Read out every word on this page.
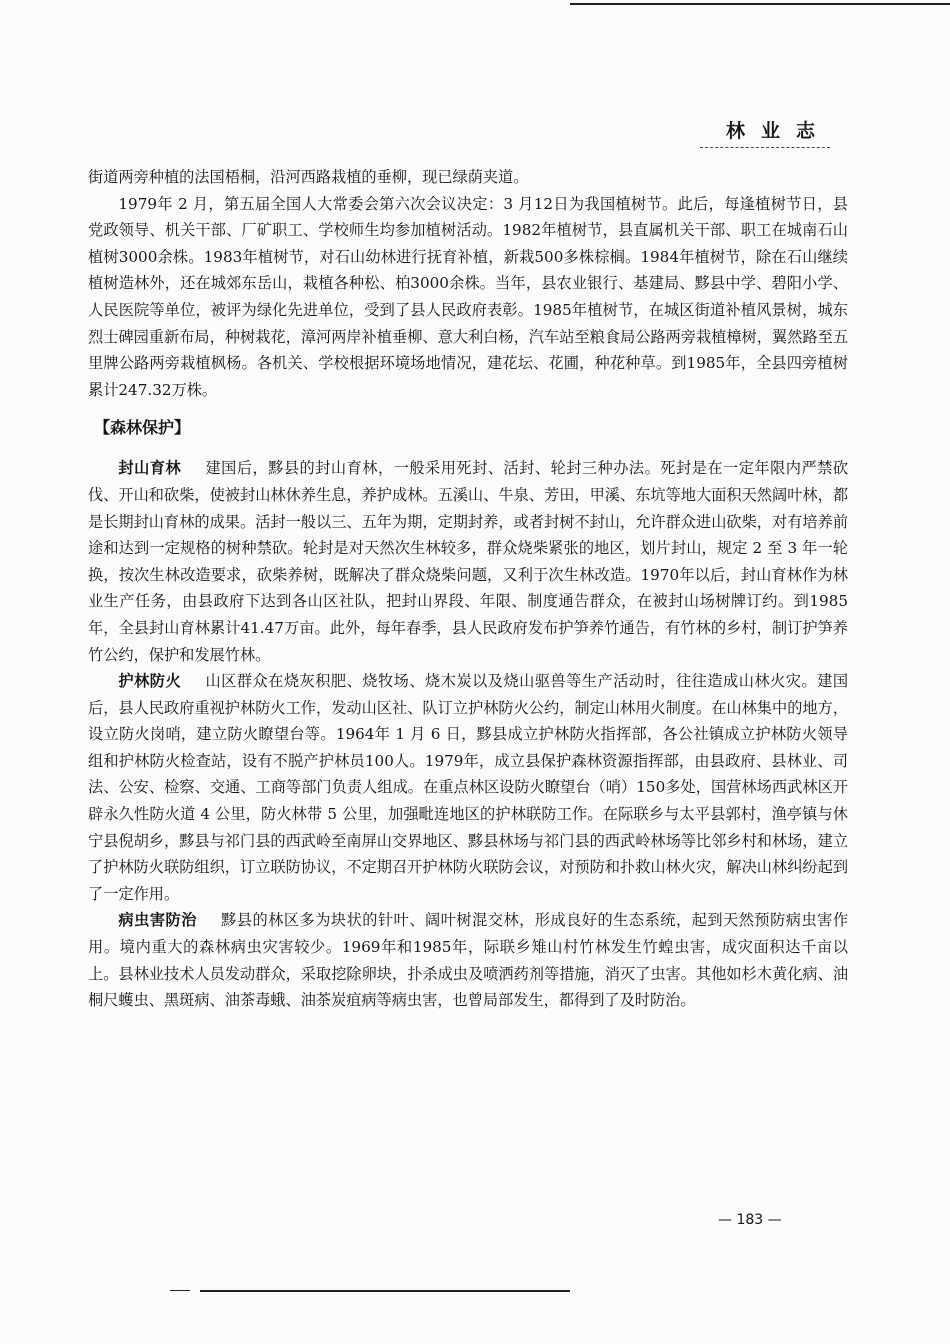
林业志

街道两旁种植的法国梧桐，沿河西路栽植的垂柳，现已绿荫夹道。

1979年 2 月，第五届全国人大常委会第六次会议决定：3 月12日为我国植树节。此后，每逢植树节日，县党政领导、机关干部、厂矿职工、学校师生均参加植树活动。1982年植树节，县直属机关干部、职工在城南石山植树3000余株。1983年植树节，对石山幼林进行抚育补植，新栽500多株棕榈。1984年植树节，除在石山继续植树造林外，还在城郊东岳山，栽植各种松、柏3000余株。当年，县农业银行、基建局、黟县中学、碧阳小学、人民医院等单位，被评为绿化先进单位，受到了县人民政府表彰。1985年植树节，在城区街道补植风景树，城东烈士碑园重新布局，种树栽花，漳河两岸补植垂柳、意大利白杨，汽车站至粮食局公路两旁栽植樟树，翼然路至五里牌公路两旁栽植枫杨。各机关、学校根据环境场地情况，建花坛、花圃，种花种草。到1985年，全县四旁植树累计247.32万株。

【森林保护】

封山育林 建国后，黟县的封山育林，一般采用死封、活封、轮封三种办法。死封是在一定年限内严禁砍伐、开山和砍柴，使被封山林休养生息，养护成林。五溪山、牛泉、芳田，甲溪、东坑等地大面积天然阔叶林，都是长期封山育林的成果。活封一般以三、五年为期，定期封养，或者封树不封山，允许群众进山砍柴，对有培养前途和达到一定规格的树种禁砍。轮封是对天然次生林较多，群众烧柴紧张的地区，划片封山，规定 2 至 3 年一轮换，按次生林改造要求，砍柴养树，既解决了群众烧柴问题，又利于次生林改造。1970年以后，封山育林作为林业生产任务，由县政府下达到各山区社队，把封山界段、年限、制度通告群众，在被封山场树牌订约。到1985年，全县封山育林累计41.47万亩。此外，每年春季，县人民政府发布护笋养竹通告，有竹林的乡村，制订护笋养竹公约，保护和发展竹林。

护林防火 山区群众在烧灰积肥、烧牧场、烧木炭以及烧山驱兽等生产活动时，往往造成山林火灾。建国后，县人民政府重视护林防火工作，发动山区社、队订立护林防火公约，制定山林用火制度。在山林集中的地方，设立防火岗哨，建立防火瞭望台等。1964年 1 月 6 日，黟县成立护林防火指挥部，各公社镇成立护林防火领导组和护林防火检查站，设有不脱产护林员100人。1979年，成立县保护森林资源指挥部，由县政府、县林业、司法、公安、检察、交通、工商等部门负责人组成。在重点林区设防火瞭望台（哨）150多处，国营林场西武林区开辟永久性防火道 4 公里，防火林带 5 公里，加强毗连地区的护林联防工作。在际联乡与太平县郭村，渔亭镇与休宁县倪胡乡，黟县与祁门县的西武岭至南屏山交界地区、黟县林场与祁门县的西武岭林场等比邻乡村和林场，建立了护林防火联防组织，订立联防协议，不定期召开护林防火联防会议，对预防和扑救山林火灾，解决山林纠纷起到了一定作用。

病虫害防治 黟县的林区多为块状的针叶、阔叶树混交林，形成良好的生态系统，起到天然预防病虫害作用。境内重大的森林病虫灾害较少。1969年和1985年，际联乡雉山村竹林发生竹蝗虫害，成灾面积达千亩以上。县林业技术人员发动群众，采取挖除卵块，扑杀成虫及喷洒药剂等措施，消灭了虫害。其他如杉木黄化病、油桐尺蠖虫、黑斑病、油茶毒蛾、油茶炭疽病等病虫害，也曾局部发生，都得到了及时防治。

— 183 —
